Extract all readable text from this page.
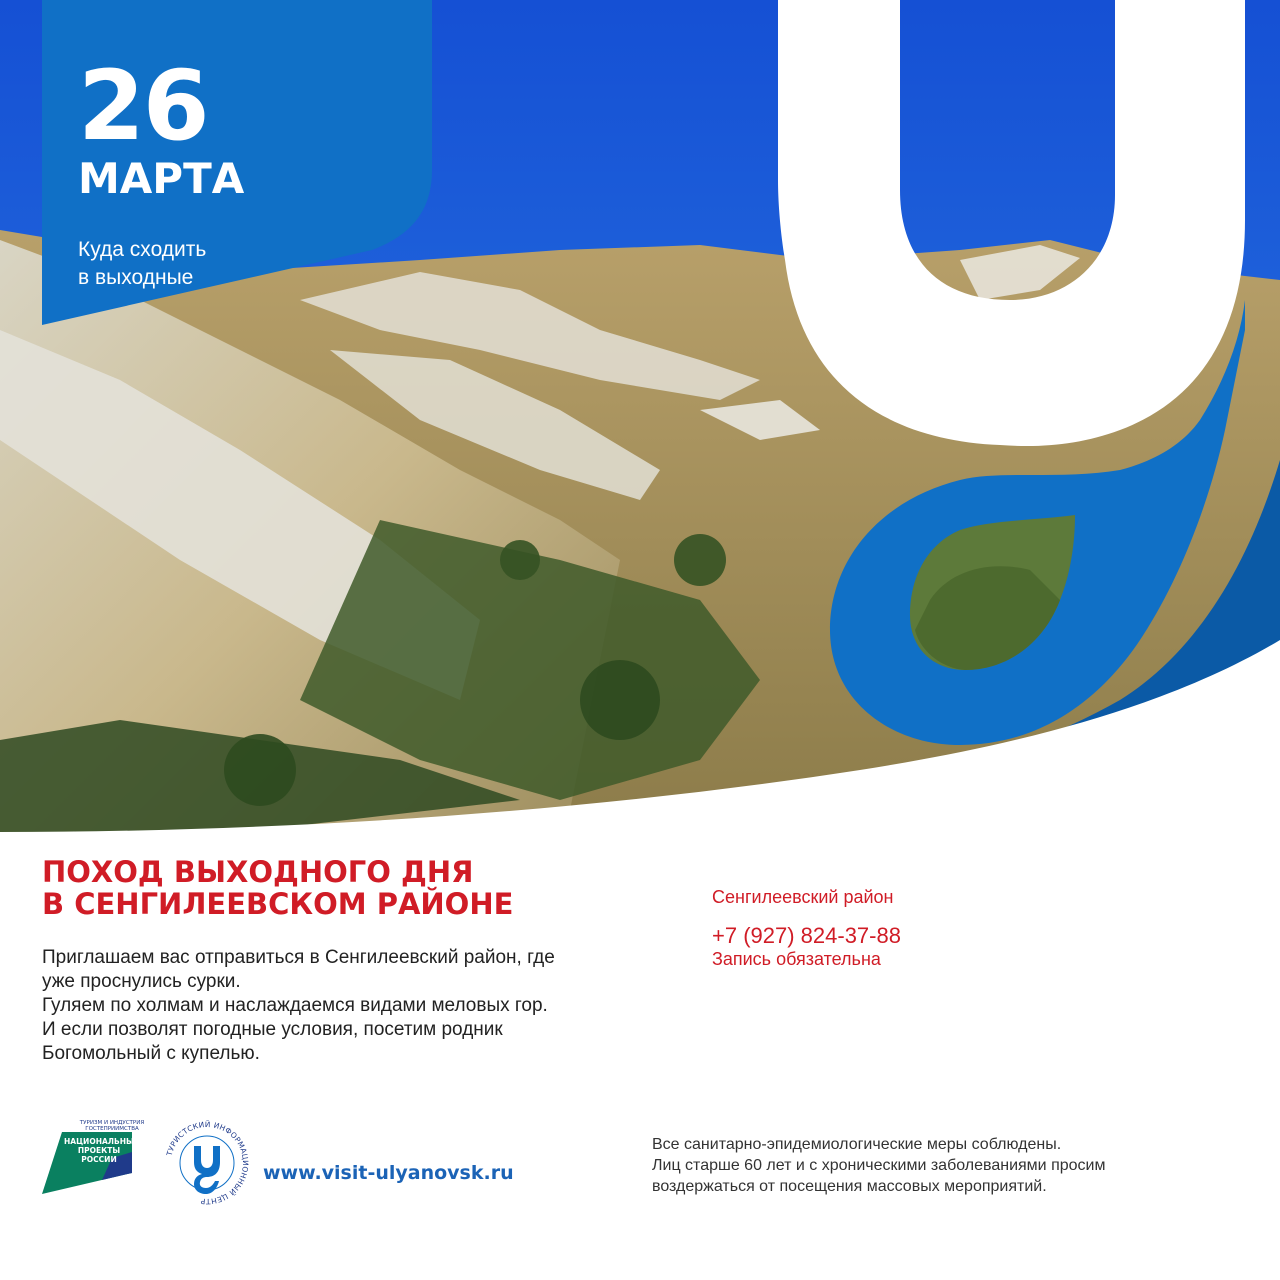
26
МАРТА
Куда сходить
в выходные
ПОХОД ВЫХОДНОГО ДНЯ
В СЕНГИЛЕЕВСКОМ РАЙОНЕ
Приглашаем вас отправиться в Сенгилеевский район, где
уже проснулись сурки.
Гуляем по холмам и наслаждаемся видами меловых гор.
И если позволят погодные условия, посетим родник
Богомольный с купелью.
Сенгилеевский район
+7 (927) 824-37-88
Запись обязательна
ТУРИЗМ И ИНДУСТРИЯ ГОСТЕПРИИМСТВА
НАЦИОНАЛЬНЫЕ ПРОЕКТЫ РОССИИ
ТУРИСТСКИЙ ИНФОРМАЦИОННЫЙ ЦЕНТР
www.visit-ulyanovsk.ru
Все санитарно-эпидемиологические меры соблюдены.
Лиц старше 60 лет и с хроническими заболеваниями просим
воздержаться от посещения массовых мероприятий.
